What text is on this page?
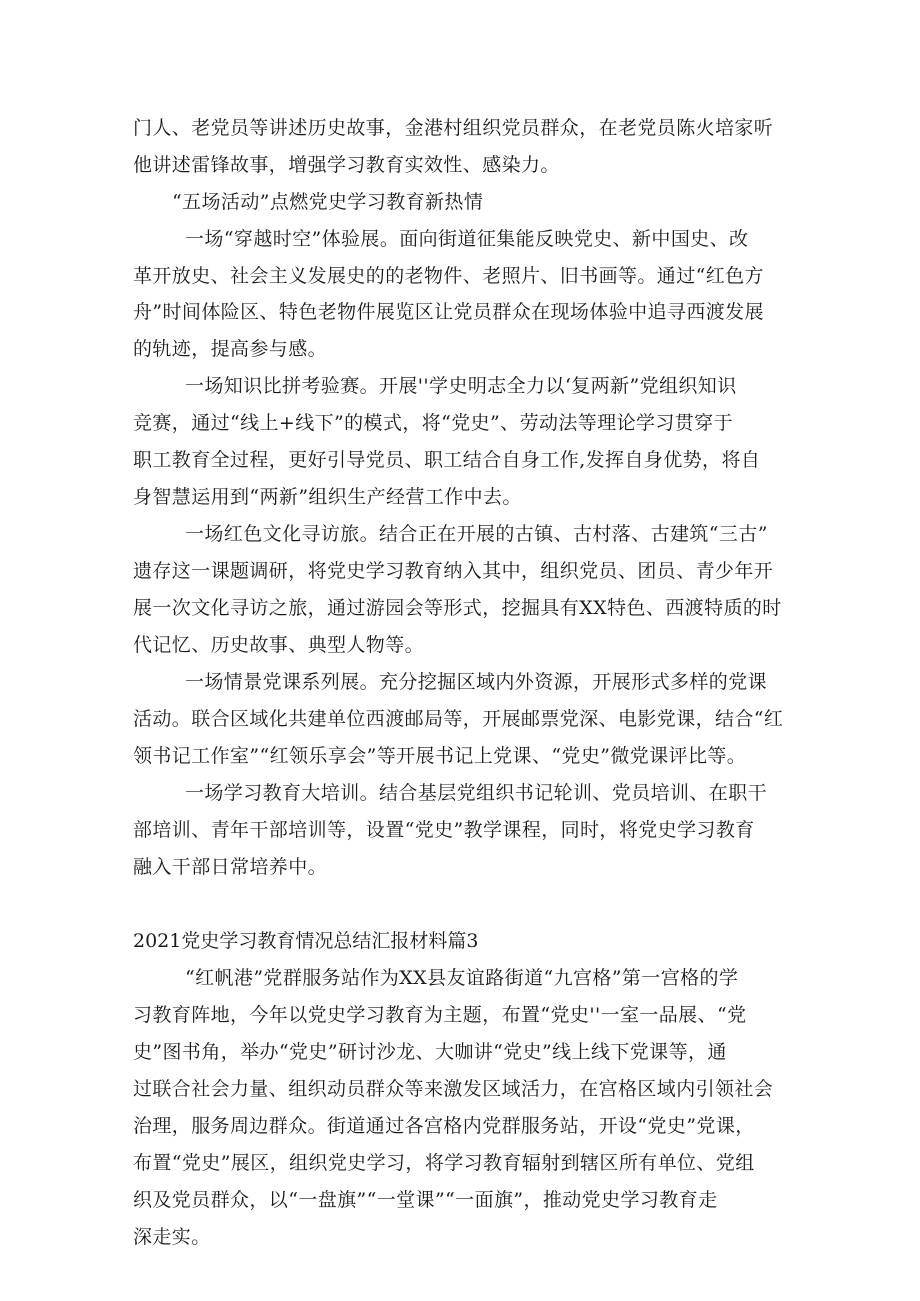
门人、老党员等讲述历史故事，金港村组织党员群众，在老党员陈火培家听
他讲述雷锋故事，增强学习教育实效性、感染力。
“五场活动”点燃党史学习教育新热情
一场“穿越时空”体验展。面向街道征集能反映党史、新中国史、改
革开放史、社会主义发展史的的老物件、老照片、旧书画等。通过“红色方
舟”时间体险区、特色老物件展览区让党员群众在现场体验中追寻西渡发展
的轨迹，提高参与感。
一场知识比拼考验赛。开展''学史明志全力以‘复两新”党组织知识
竞赛，通过“线上+线下”的模式，将“党史”、劳动法等理论学习贯穿于
职工教育全过程，更好引导党员、职工结合自身工作,发挥自身优势，将自
身智慧运用到“两新”组织生产经营工作中去。
一场红色文化寻访旅。结合正在开展的古镇、古村落、古建筑“三古”
遗存这一课题调研，将党史学习教育纳入其中，组织党员、团员、青少年开
展一次文化寻访之旅，通过游园会等形式，挖掘具有XX特色、西渡特质的时
代记忆、历史故事、典型人物等。
一场情景党课系列展。充分挖掘区域内外资源，开展形式多样的党课
活动。联合区域化共建单位西渡邮局等，开展邮票党深、电影党课，结合“红
领书记工作室”“红领乐享会”等开展书记上党课、“党史”微党课评比等。
一场学习教育大培训。结合基层党组织书记轮训、党员培训、在职干
部培训、青年干部培训等，设置“党史”教学课程，同时，将党史学习教育
融入干部日常培养中。
2021党史学习教育情况总结汇报材料篇3
“红帆港”党群服务站作为XX县友谊路街道“九宫格”第一宫格的学
习教育阵地，今年以党史学习教育为主题，布置“党史''一室一品展、“党
史”图书角，举办“党史”研讨沙龙、大咖讲“党史”线上线下党课等，通
过联合社会力量、组织动员群众等来激发区域活力，在宫格区域内引领社会
治理，服务周边群众。街道通过各宫格内党群服务站，开设“党史”党课，
布置“党史”展区，组织党史学习，将学习教育辐射到辖区所有单位、党组
织及党员群众，以“一盘旗”“一堂课”“一面旗”，推动党史学习教育走
深走实。
